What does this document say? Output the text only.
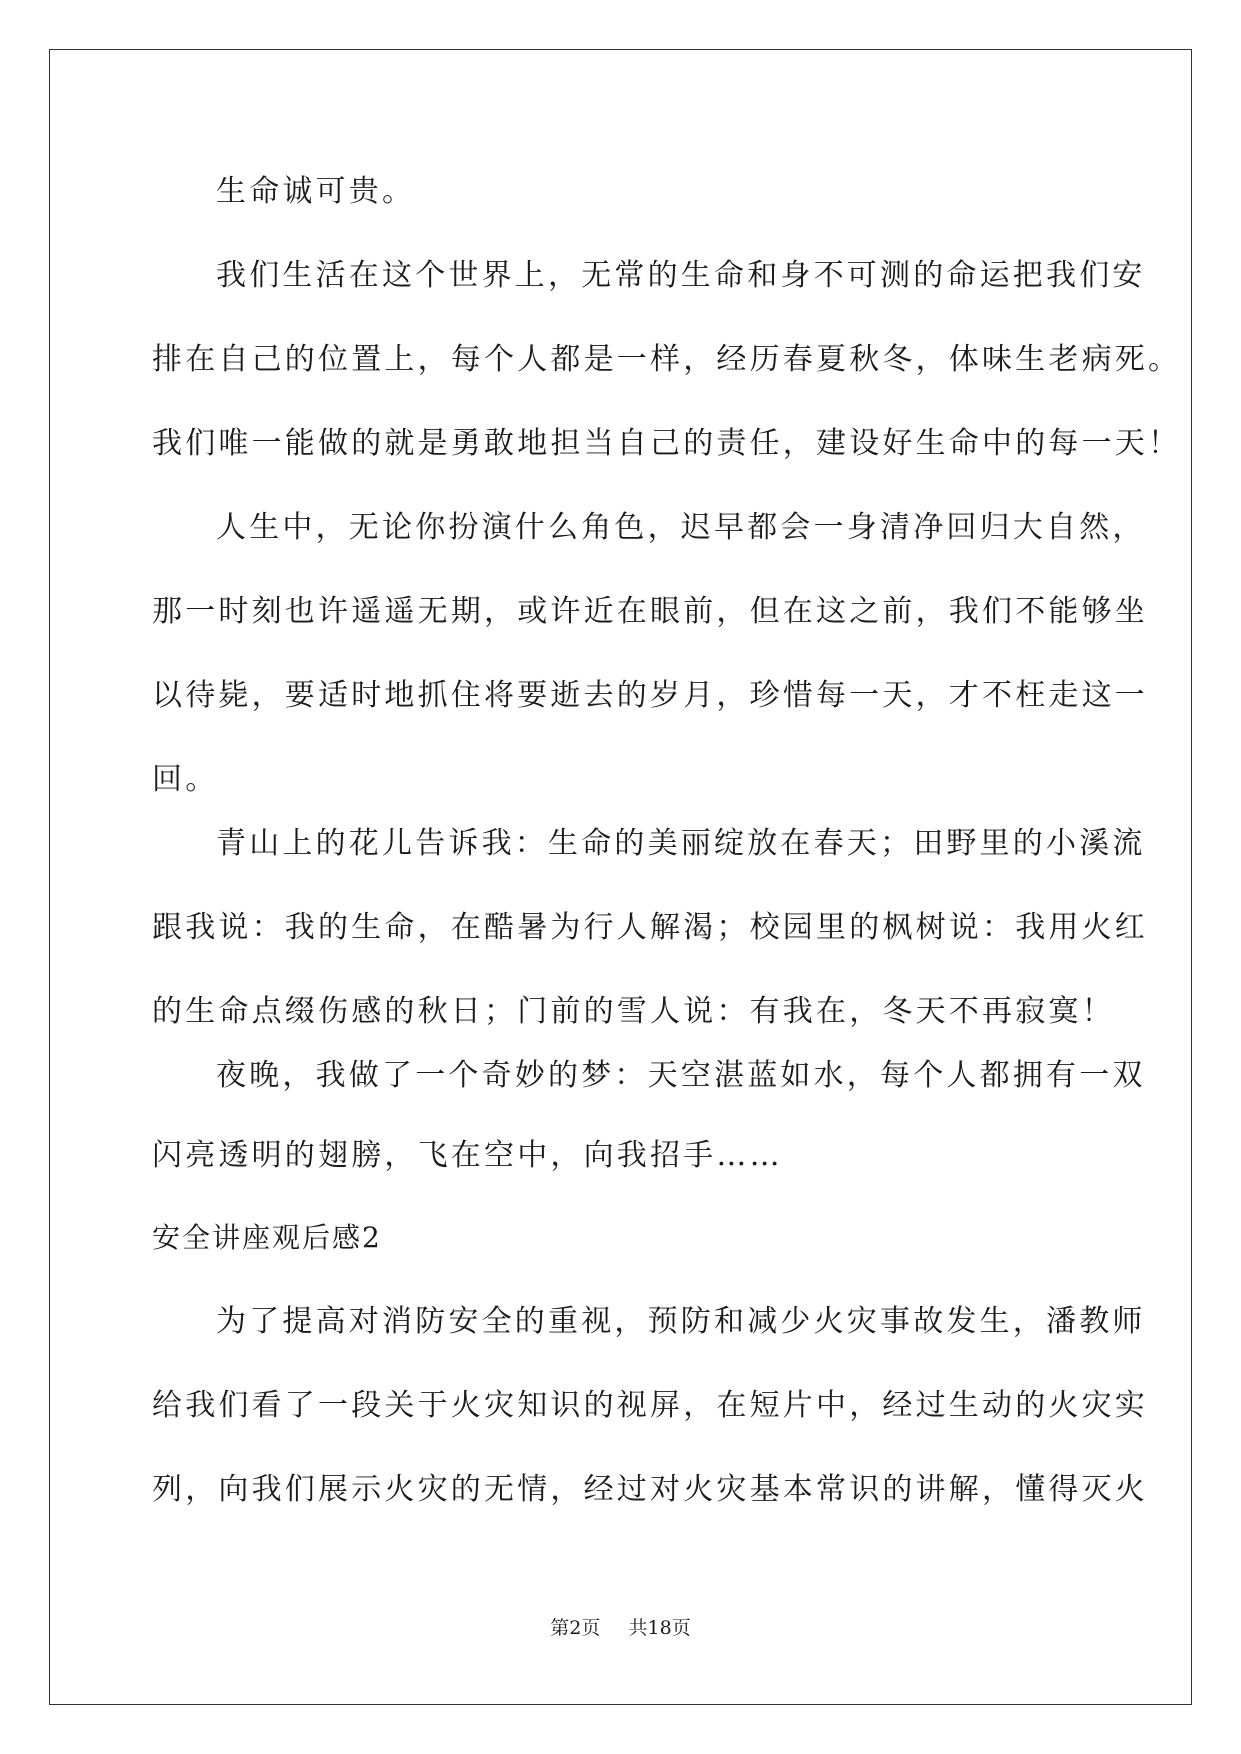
生命诚可贵。
我们生活在这个世界上，无常的生命和身不可测的命运把我们安
排在自己的位置上，每个人都是一样，经历春夏秋冬，体味生老病死。
我们唯一能做的就是勇敢地担当自己的责任，建设好生命中的每一天！
人生中，无论你扮演什么角色，迟早都会一身清净回归大自然，
那一时刻也许遥遥无期，或许近在眼前，但在这之前，我们不能够坐
以待毙，要适时地抓住将要逝去的岁月，珍惜每一天，才不枉走这一
回。
青山上的花儿告诉我：生命的美丽绽放在春天；田野里的小溪流
跟我说：我的生命，在酷暑为行人解渴；校园里的枫树说：我用火红
的生命点缀伤感的秋日；门前的雪人说：有我在，冬天不再寂寞！
夜晚，我做了一个奇妙的梦：天空湛蓝如水，每个人都拥有一双
闪亮透明的翅膀，飞在空中，向我招手……
安全讲座观后感2
为了提高对消防安全的重视，预防和减少火灾事故发生，潘教师
给我们看了一段关于火灾知识的视屏，在短片中，经过生动的火灾实
列，向我们展示火灾的无情，经过对火灾基本常识的讲解，懂得灭火
第2页 共18页
